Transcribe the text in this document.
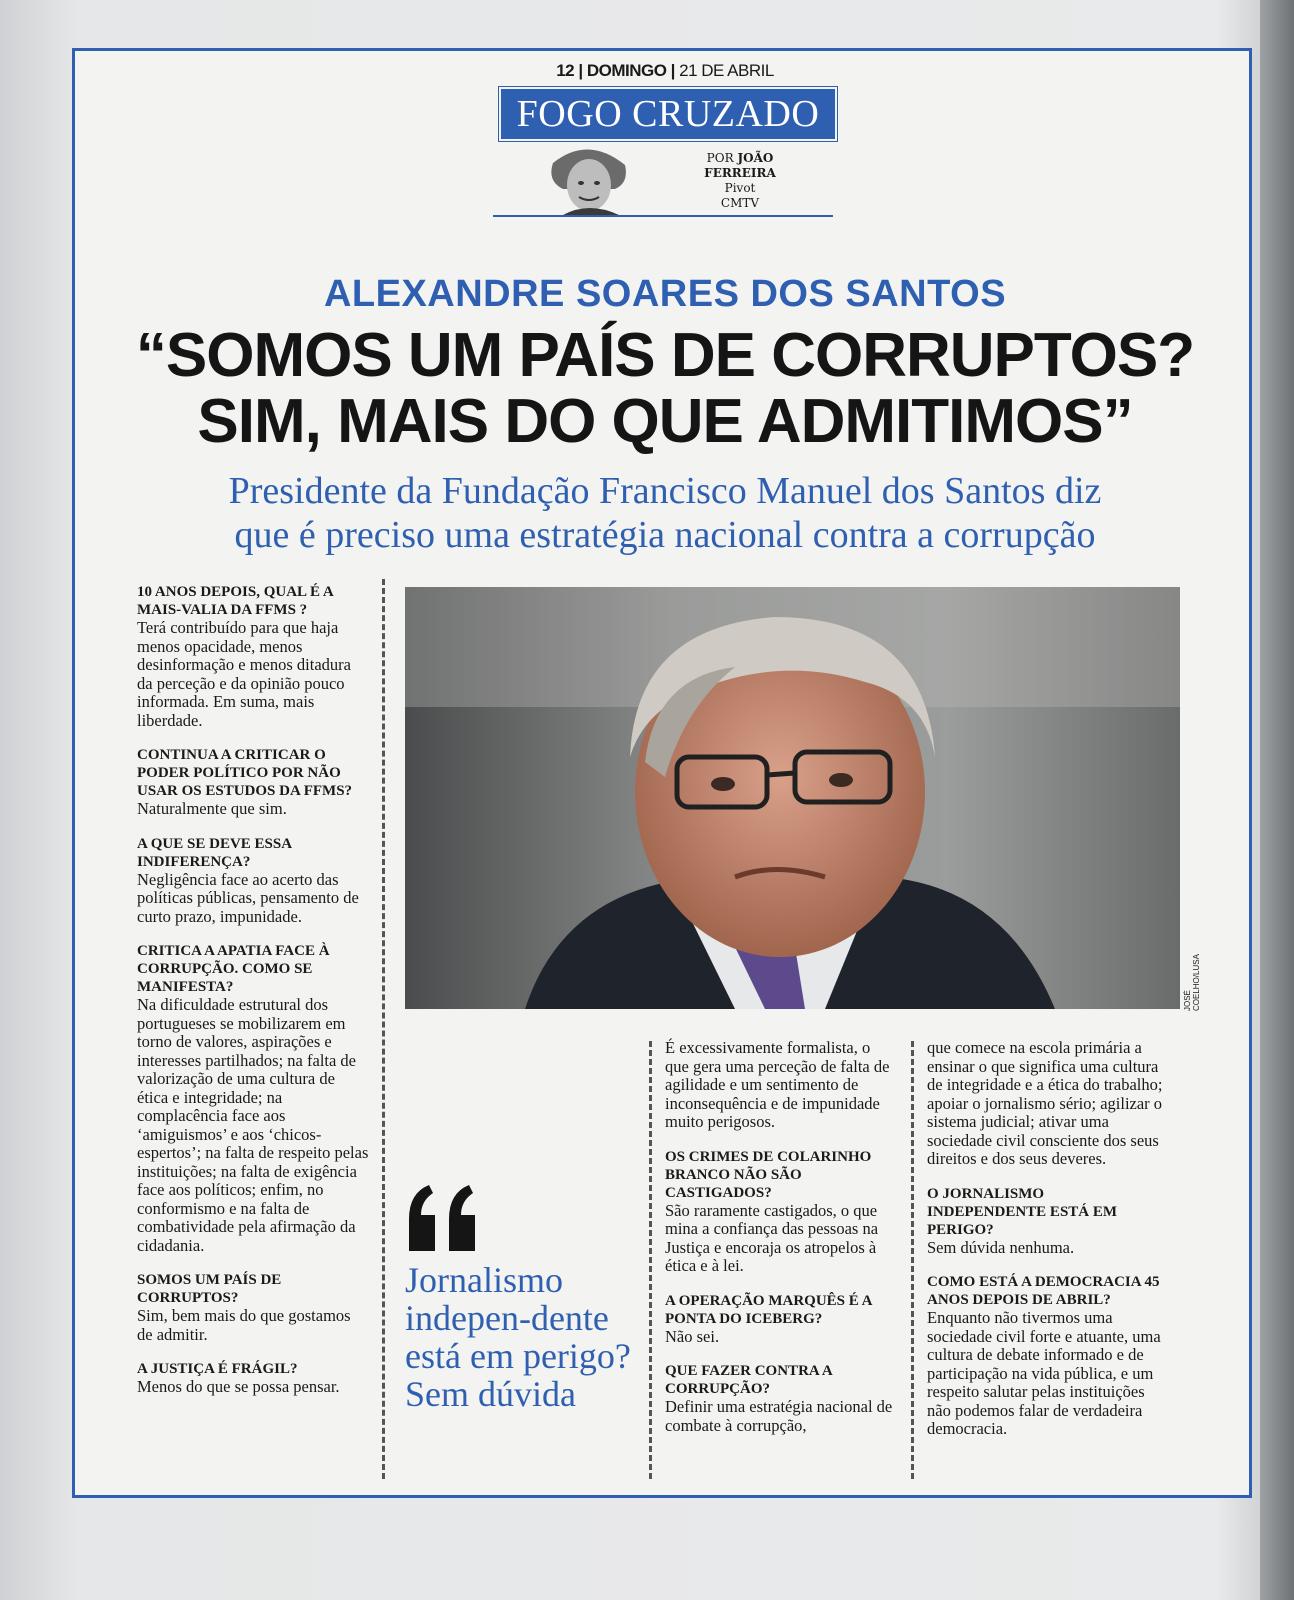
12 | DOMINGO | 21 DE ABRIL
FOGO CRUZADO
POR JOÃO
FERREIRA
Pivot
CMTV
ALEXANDRE SOARES DOS SANTOS
“SOMOS UM PAÍS DE CORRUPTOS?
SIM, MAIS DO QUE ADMITIMOS”
Presidente da Fundação Francisco Manuel dos Santos diz
que é preciso uma estratégia nacional contra a corrupção
10 ANOS DEPOIS, QUAL É A MAIS-VALIA DA FFMS ?
Terá contribuído para que haja menos opacidade, menos desinformação e menos ditadura da perceção e da opinião pouco informada. Em suma, mais liberdade.
CONTINUA A CRITICAR O PODER POLÍTICO POR NÃO USAR OS ESTUDOS DA FFMS?
Naturalmente que sim.
A QUE SE DEVE ESSA INDIFERENÇA?
Negligência face ao acerto das políticas públicas, pensamento de curto prazo, impunidade.
CRITICA A APATIA FACE À CORRUPÇÃO. COMO SE MANIFESTA?
Na dificuldade estrutural dos portugueses se mobilizarem em torno de valores, aspirações e interesses partilhados; na falta de valorização de uma cultura de ética e integridade; na complacência face aos ‘amiguismos’ e aos ‘chicos-espertos’; na falta de respeito pelas instituições; na falta de exigência face aos políticos; enfim, no conformismo e na falta de combatividade pela afirmação da cidadania.
SOMOS UM PAÍS DE CORRUPTOS?
Sim, bem mais do que gostamos de admitir.
A JUSTIÇA É FRÁGIL?
Menos do que se possa pensar.
JOSÉ COELHO/LUSA
Jornalismo indepen-dente está em perigo? Sem dúvida
É excessivamente formalista, o que gera uma perceção de falta de agilidade e um sentimento de inconsequência e de impunidade muito perigosos.
OS CRIMES DE COLARINHO BRANCO NÃO SÃO CASTIGADOS?
São raramente castigados, o que mina a confiança das pessoas na Justiça e encoraja os atropelos à ética e à lei.
A OPERAÇÃO MARQUÊS É A PONTA DO ICEBERG?
Não sei.
QUE FAZER CONTRA A CORRUPÇÃO?
Definir uma estratégia nacional de combate à corrupção,
que comece na escola primária a ensinar o que significa uma cultura de integridade e a ética do trabalho; apoiar o jornalismo sério; agilizar o sistema judicial; ativar uma sociedade civil consciente dos seus direitos e dos seus deveres.
O JORNALISMO INDEPENDENTE ESTÁ EM PERIGO?
Sem dúvida nenhuma.
COMO ESTÁ A DEMOCRACIA 45 ANOS DEPOIS DE ABRIL?
Enquanto não tivermos uma sociedade civil forte e atuante, uma cultura de debate informado e de participação na vida pública, e um respeito salutar pelas instituições não podemos falar de verdadeira democracia.
